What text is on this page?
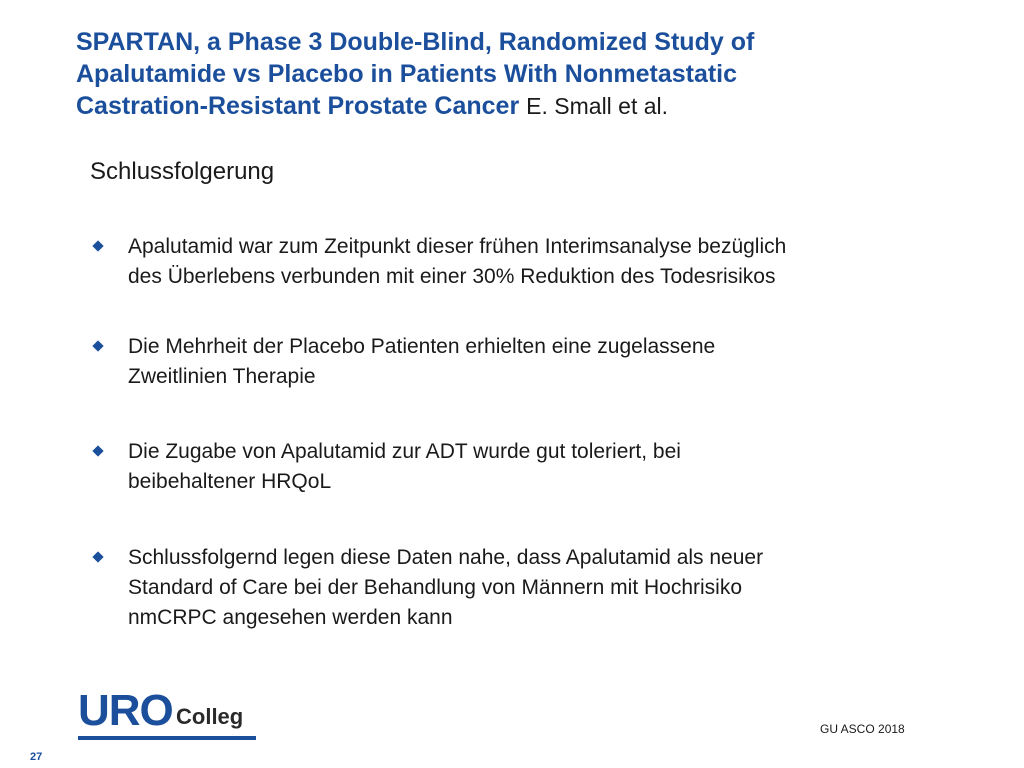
SPARTAN, a Phase 3 Double-Blind, Randomized Study of
Apalutamide vs Placebo in Patients With Nonmetastatic
Castration-Resistant Prostate Cancer E. Small et al.
Schlussfolgerung
Apalutamid war zum Zeitpunkt dieser frühen Interimsanalyse bezüglich
des Überlebens verbunden mit einer 30% Reduktion des Todesrisikos
Die Mehrheit der Placebo Patienten erhielten eine zugelassene
Zweitlinien Therapie
Die Zugabe von Apalutamid zur ADT wurde gut toleriert, bei
beibehaltener HRQoL
Schlussfolgernd legen diese Daten nahe, dass Apalutamid als neuer
Standard of Care bei der Behandlung von Männern mit Hochrisiko
nmCRPC angesehen werden kann
URO Colleg	GU ASCO 2018
27
